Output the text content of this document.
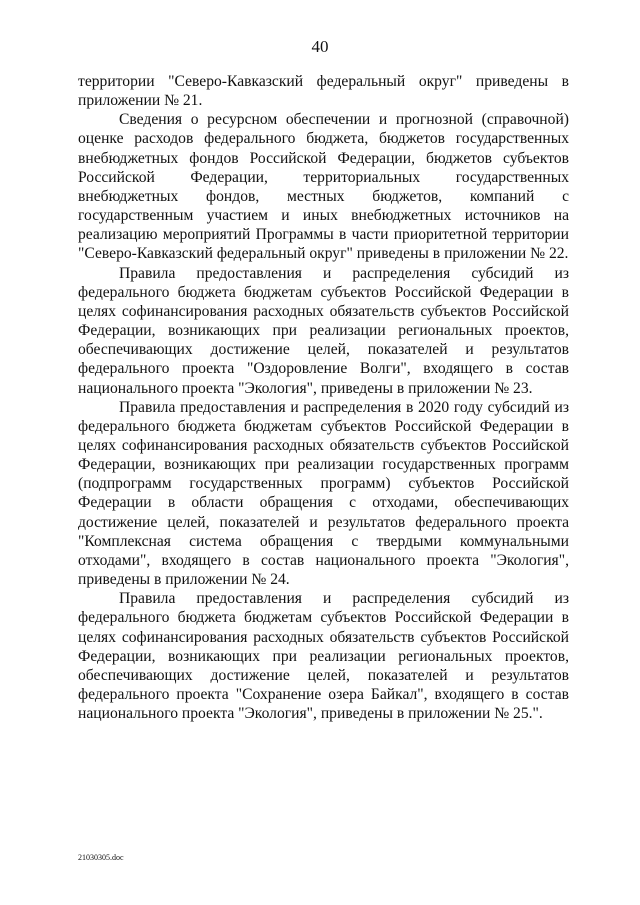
40

территории "Северо-Кавказский федеральный округ" приведены в приложении № 21.

Сведения о ресурсном обеспечении и прогнозной (справочной) оценке расходов федерального бюджета, бюджетов государственных внебюджетных фондов Российской Федерации, бюджетов субъектов Российской Федерации, территориальных государственных внебюджетных фондов, местных бюджетов, компаний с государственным участием и иных внебюджетных источников на реализацию мероприятий Программы в части приоритетной территории "Северо-Кавказский федеральный округ" приведены в приложении № 22.

Правила предоставления и распределения субсидий из федерального бюджета бюджетам субъектов Российской Федерации в целях софинансирования расходных обязательств субъектов Российской Федерации, возникающих при реализации региональных проектов, обеспечивающих достижение целей, показателей и результатов федерального проекта "Оздоровление Волги", входящего в состав национального проекта "Экология", приведены в приложении № 23.

Правила предоставления и распределения в 2020 году субсидий из федерального бюджета бюджетам субъектов Российской Федерации в целях софинансирования расходных обязательств субъектов Российской Федерации, возникающих при реализации государственных программ (подпрограмм государственных программ) субъектов Российской Федерации в области обращения с отходами, обеспечивающих достижение целей, показателей и результатов федерального проекта "Комплексная система обращения с твердыми коммунальными отходами", входящего в состав национального проекта "Экология", приведены в приложении № 24.

Правила предоставления и распределения субсидий из федерального бюджета бюджетам субъектов Российской Федерации в целях софинансирования расходных обязательств субъектов Российской Федерации, возникающих при реализации региональных проектов, обеспечивающих достижение целей, показателей и результатов федерального проекта "Сохранение озера Байкал", входящего в состав национального проекта "Экология", приведены в приложении № 25.".

21030305.doc
